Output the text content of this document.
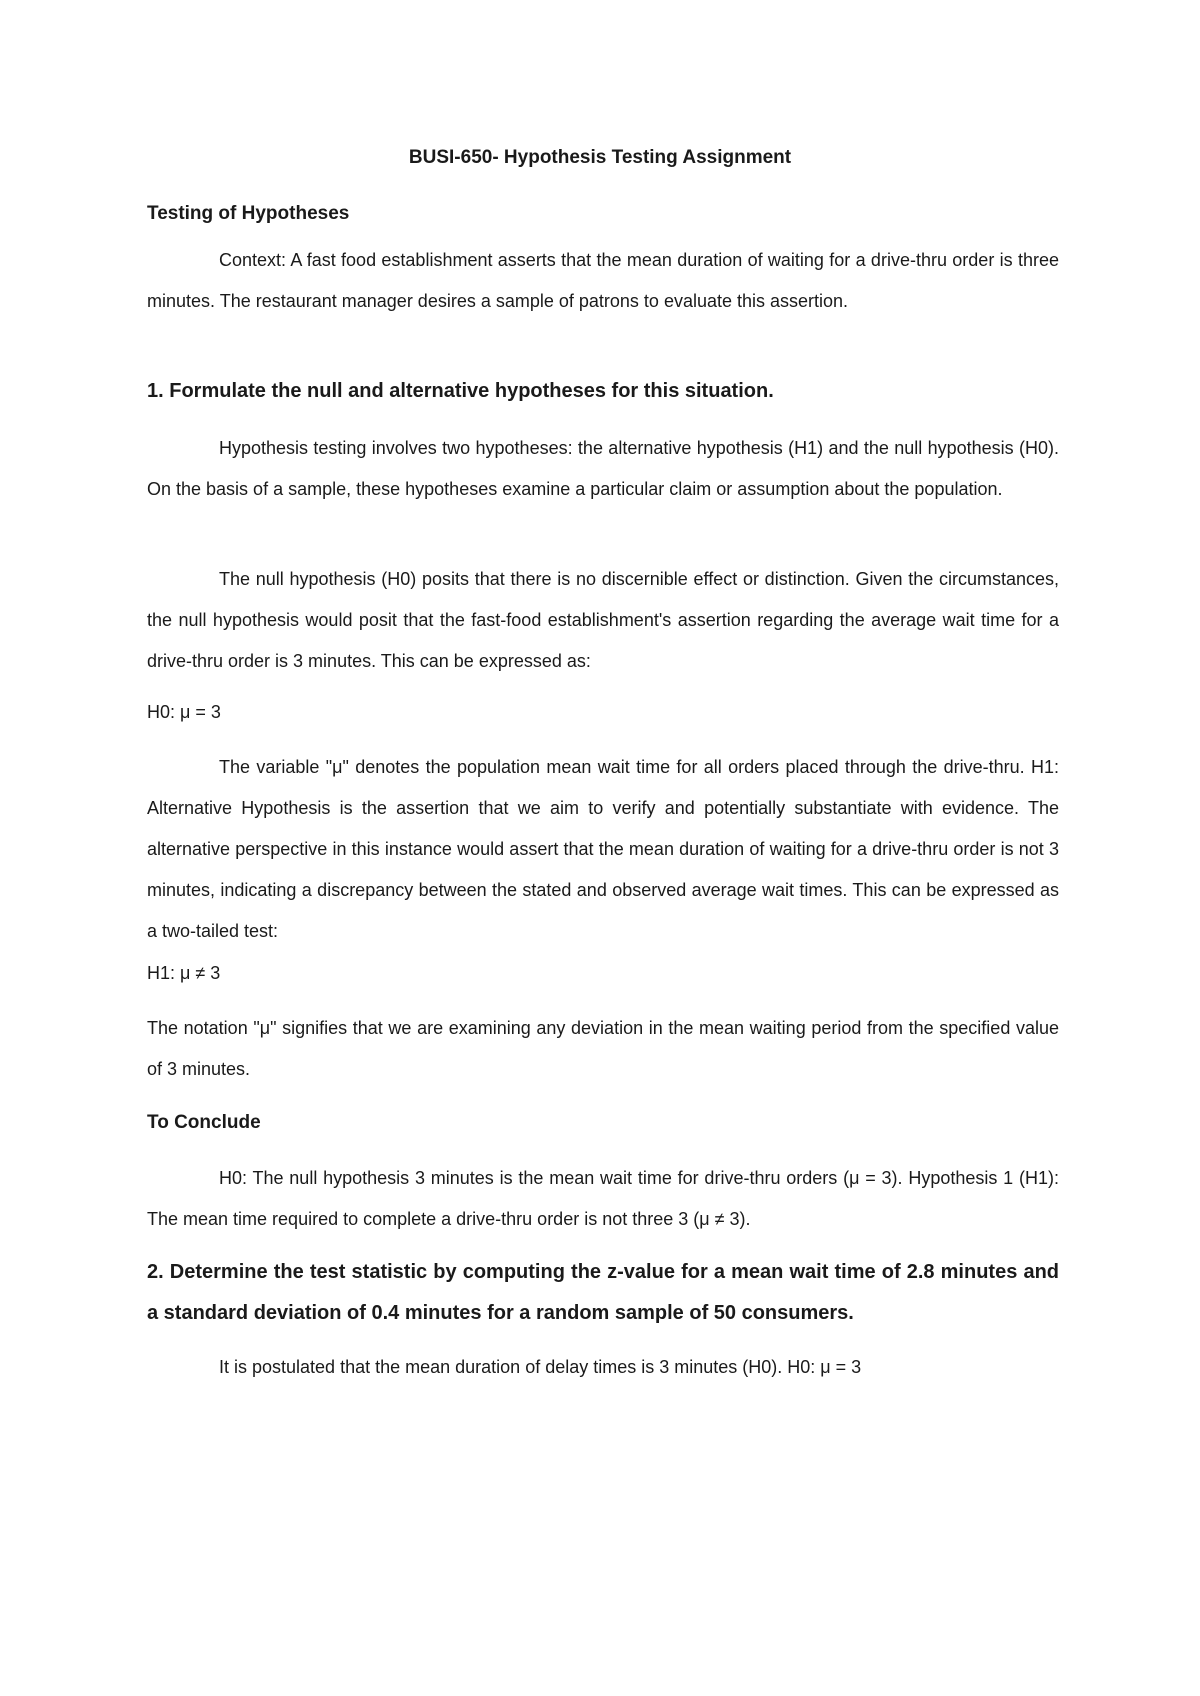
BUSI-650- Hypothesis Testing Assignment
Testing of Hypotheses
Context: A fast food establishment asserts that the mean duration of waiting for a drive-thru order is three minutes. The restaurant manager desires a sample of patrons to evaluate this assertion.
1. Formulate the null and alternative hypotheses for this situation.
Hypothesis testing involves two hypotheses: the alternative hypothesis (H1) and the null hypothesis (H0). On the basis of a sample, these hypotheses examine a particular claim or assumption about the population.
The null hypothesis (H0) posits that there is no discernible effect or distinction. Given the circumstances, the null hypothesis would posit that the fast-food establishment's assertion regarding the average wait time for a drive-thru order is 3 minutes. This can be expressed as:
H0: μ = 3
The variable "μ" denotes the population mean wait time for all orders placed through the drive-thru. H1: Alternative Hypothesis is the assertion that we aim to verify and potentially substantiate with evidence. The alternative perspective in this instance would assert that the mean duration of waiting for a drive-thru order is not 3 minutes, indicating a discrepancy between the stated and observed average wait times. This can be expressed as a two-tailed test:
H1: μ ≠ 3
The notation "μ" signifies that we are examining any deviation in the mean waiting period from the specified value of 3 minutes.
To Conclude
H0: The null hypothesis 3 minutes is the mean wait time for drive-thru orders (μ = 3). Hypothesis 1 (H1): The mean time required to complete a drive-thru order is not three 3 (μ ≠ 3).
2. Determine the test statistic by computing the z-value for a mean wait time of 2.8 minutes and a standard deviation of 0.4 minutes for a random sample of 50 consumers.
It is postulated that the mean duration of delay times is 3 minutes (H0). H0: μ = 3
